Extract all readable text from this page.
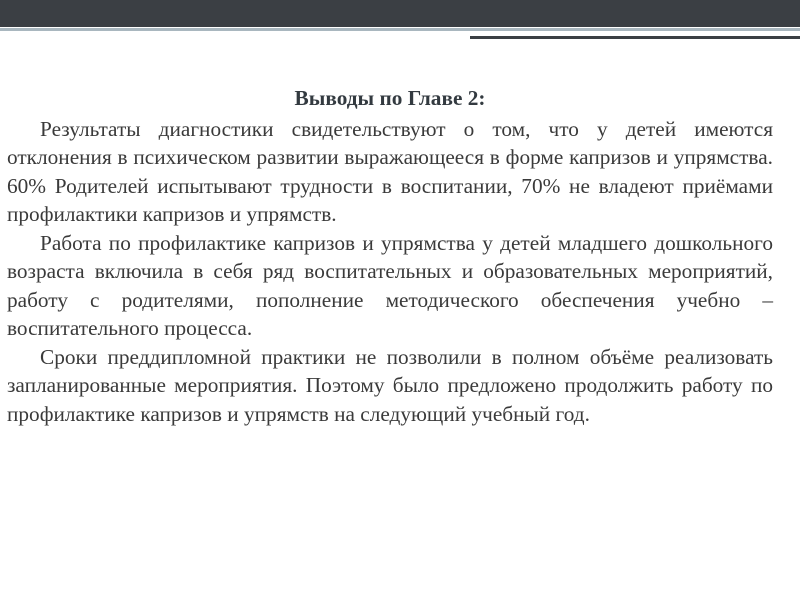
Выводы по Главе 2:

Результаты диагностики свидетельствуют о том, что у детей имеются отклонения в психическом развитии выражающееся в форме капризов и упрямства. 60% Родителей испытывают трудности в воспитании, 70% не владеют приёмами профилактики капризов и упрямств.

Работа по профилактике капризов и упрямства у детей младшего дошкольного возраста включила в себя ряд воспитательных и образовательных мероприятий, работу с родителями, пополнение методического обеспечения учебно – воспитательного процесса.

Сроки преддипломной практики не позволили в полном объёме реализовать запланированные мероприятия. Поэтому было предложено продолжить работу по профилактике капризов и упрямств на следующий учебный год.
